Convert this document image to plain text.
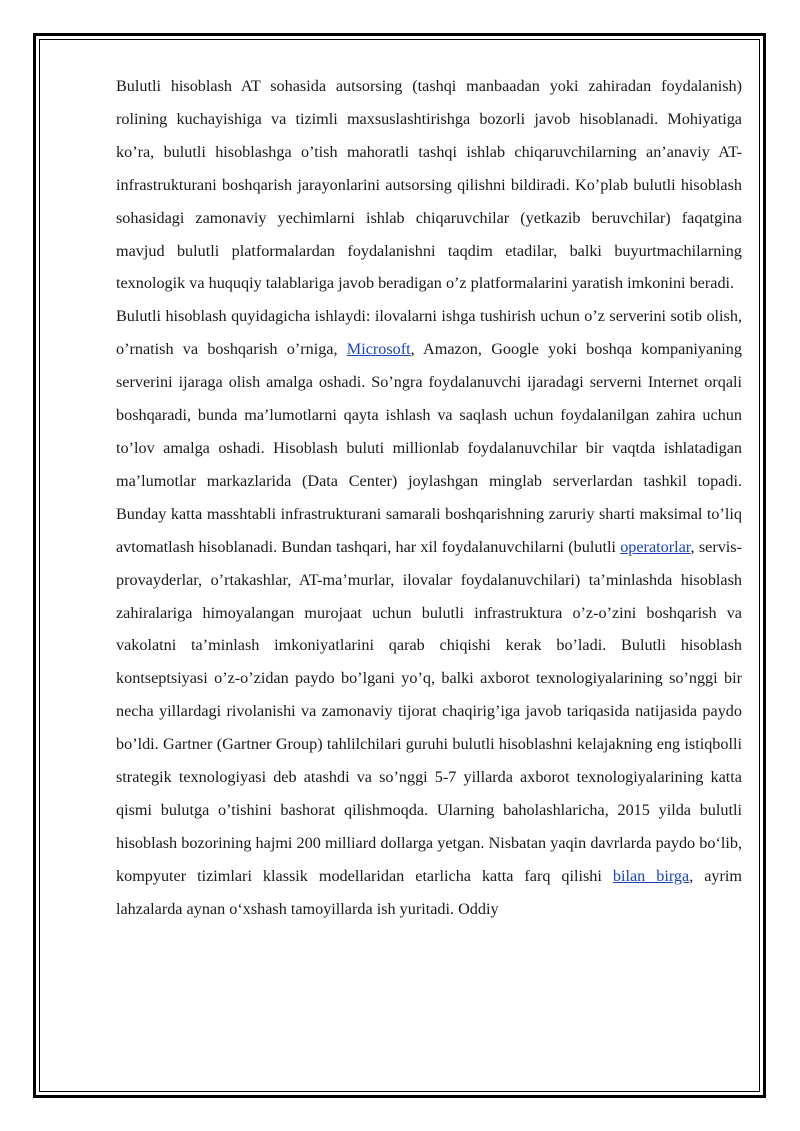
Bulutli hisoblash AT sohasida autsorsing (tashqi manbaadan yoki zahiradan foydalanish) rolining kuchayishiga va tizimli maxsuslashtirishga bozorli javob hisoblanadi. Mohiyatiga ko’ra, bulutli hisoblashga o’tish mahoratli tashqi ishlab chiqaruvchilarning an’anaviy AT-infrastrukturani boshqarish jarayonlarini autsorsing qilishni bildiradi. Ko’plab bulutli hisoblash sohasidagi zamonaviy yechimlarni ishlab chiqaruvchilar (yetkazib beruvchilar) faqatgina mavjud bulutli platformalardan foydalanishni taqdim etadilar, balki buyurtmachilarning texnologik va huquqiy talablariga javob beradigan o’z platformalarini yaratish imkonini beradi.

Bulutli hisoblash quyidagicha ishlaydi: ilovalarni ishga tushirish uchun o’z serverini sotib olish, o’rnatish va boshqarish o’rniga, Microsoft, Amazon, Google yoki boshqa kompaniyaning serverini ijaraga olish amalga oshadi. So’ngra foydalanuvchi ijaradagi serverni Internet orqali boshqaradi, bunda ma’lumotlarni qayta ishlash va saqlash uchun foydalanilgan zahira uchun to’lov amalga oshadi. Hisoblash buluti millionlab foydalanuvchilar bir vaqtda ishlatadigan ma’lumotlar markazlarida (Data Center) joylashgan minglab serverlardan tashkil topadi. Bunday katta masshtabli infrastrukturani samarali boshqarishning zaruriy sharti maksimal to’liq avtomatlash hisoblanadi. Bundan tashqari, har xil foydalanuvchilarni (bulutli operatorlar, servis-provayderlar, o’rtakashlar, AT-ma’murlar, ilovalar foydalanuvchilari) ta’minlashda hisoblash zahiralariga himoyalangan murojaat uchun bulutli infrastruktura o’z-o’zini boshqarish va vakolatni ta’minlash imkoniyatlarini qarab chiqishi kerak bo’ladi. Bulutli hisoblash kontseptsiyasi o’z-o’zidan paydo bo’lgani yo’q, balki axborot texnologiyalarining so’nggi bir necha yillardagi rivolanishi va zamonaviy tijorat chaqirig’iga javob tariqasida natijasida paydo bo’ldi. Gartner (Gartner Group) tahlilchilari guruhi bulutli hisoblashni kelajakning eng istiqbolli strategik texnologiyasi deb atashdi va so’nggi 5-7 yillarda axborot texnologiyalarining katta qismi bulutga o’tishini bashorat qilishmoqda. Ularning baholashlaricha, 2015 yilda bulutli hisoblash bozorining hajmi 200 milliard dollarga yetgan. Nisbatan yaqin davrlarda paydo bo‘lib, kompyuter tizimlari klassik modellaridan etarlicha katta farq qilishi bilan birga, ayrim lahzalarda aynan o‘xshash tamoyillarda ish yuritadi. Oddiy
